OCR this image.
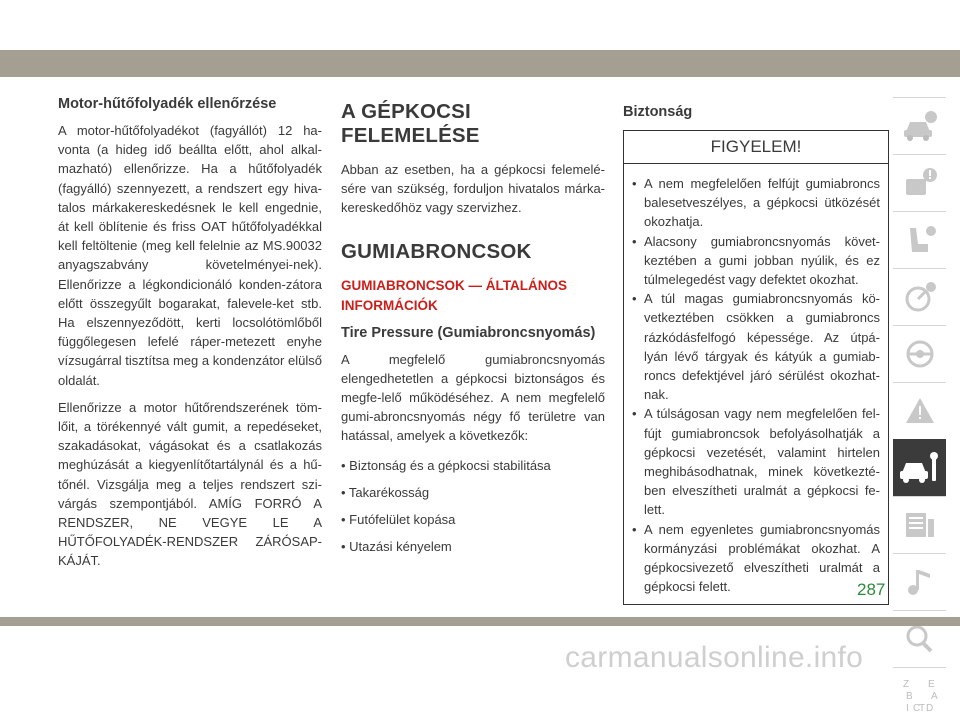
Motor-hűtőfolyadék ellenőrzése

A motor-hűtőfolyadékot (fagyállót) 12 ha-vonta (a hideg idő beállta előtt, ahol alkal-mazható) ellenőrizze. Ha a hűtőfolyadék (fagyálló) szennyezett, a rendszert egy hiva-talos márkakereskedésnek le kell engednie, át kell öblítenie és friss OAT hűtőfolyadékkal kell feltöltenie (meg kell felelnie az MS.90032 anyagszabvány követelményei-nek). Ellenőrizze a légkondicionáló konden-zátora előtt összegyűlt bogarakat, falevele-ket stb. Ha elszennyeződött, kerti locsolótömlőből függőlegesen lefelé ráper-metezett enyhe vízsugárral tisztítsa meg a kondenzátor elülső oldalát.

Ellenőrizze a motor hűtőrendszerének töm-lőit, a törékennyé vált gumit, a repedéseket, szakadásokat, vágásokat és a csatlakozás meghúzását a kiegyenlítőtartálynál és a hű-tőnél. Vizsgálja meg a teljes rendszert szi-várgás szempontjából. AMÍG FORRÓ A RENDSZER, NE VEGYE LE A HŰTŐFOLYADÉK-RENDSZER ZÁRÓSAP-KÁJÁT.

A GÉPKOCSI FELEMELÉSE

Abban az esetben, ha a gépkocsi felemelé-sére van szükség, forduljon hivatalos márka-kereskedőhöz vagy szervizhez.

GUMIABRONCSOK
GUMIABRONCSOK — ÁLTALÁNOS INFORMÁCIÓK
Tire Pressure (Gumiabroncsnyomás)

A megfelelő gumiabroncsnyomás elengedhetetlen a gépkocsi biztonságos és megfe-lelő működéséhez. A nem megfelelő gumi-abroncsnyomás négy fő területre van hatással, amelyek a következők:

• Biztonság és a gépkocsi stabilitása
• Takarékosság
• Futófelület kopása
• Utazási kényelem
Biztonság
FIGYELEM!
• A nem megfelelően felfújt gumiabroncs balesetveszélyes, a gépkocsi ütközését okozhatja.
• Alacsony gumiabroncsnyomás követ-keztében a gumi jobban nyúlik, és ez túlmelegedést vagy defektet okozhat.
• A túl magas gumiabroncsnyomás kö-vetkeztében csökken a gumiabroncs rázkódásfelfogó képessége. Az útpá-lyán lévő tárgyak és kátyúk a gumiab-roncs defektjével járó sérülést okozhat-nak.
• A túlságosan vagy nem megfelelően fel-fújt gumiabroncsok befolyásolhatják a gépkocsi vezetését, valamint hirtelen meghibásodhatnak, minek következté-ben elveszítheti uralmát a gépkocsi fe-lett.
• A nem egyenletes gumiabroncsnyomás kormányzási problémákat okozhat. A gépkocsivezető elveszítheti uralmát a gépkocsi felett.
Z E
B A
C D
I T
287
carmanualsonline.info
